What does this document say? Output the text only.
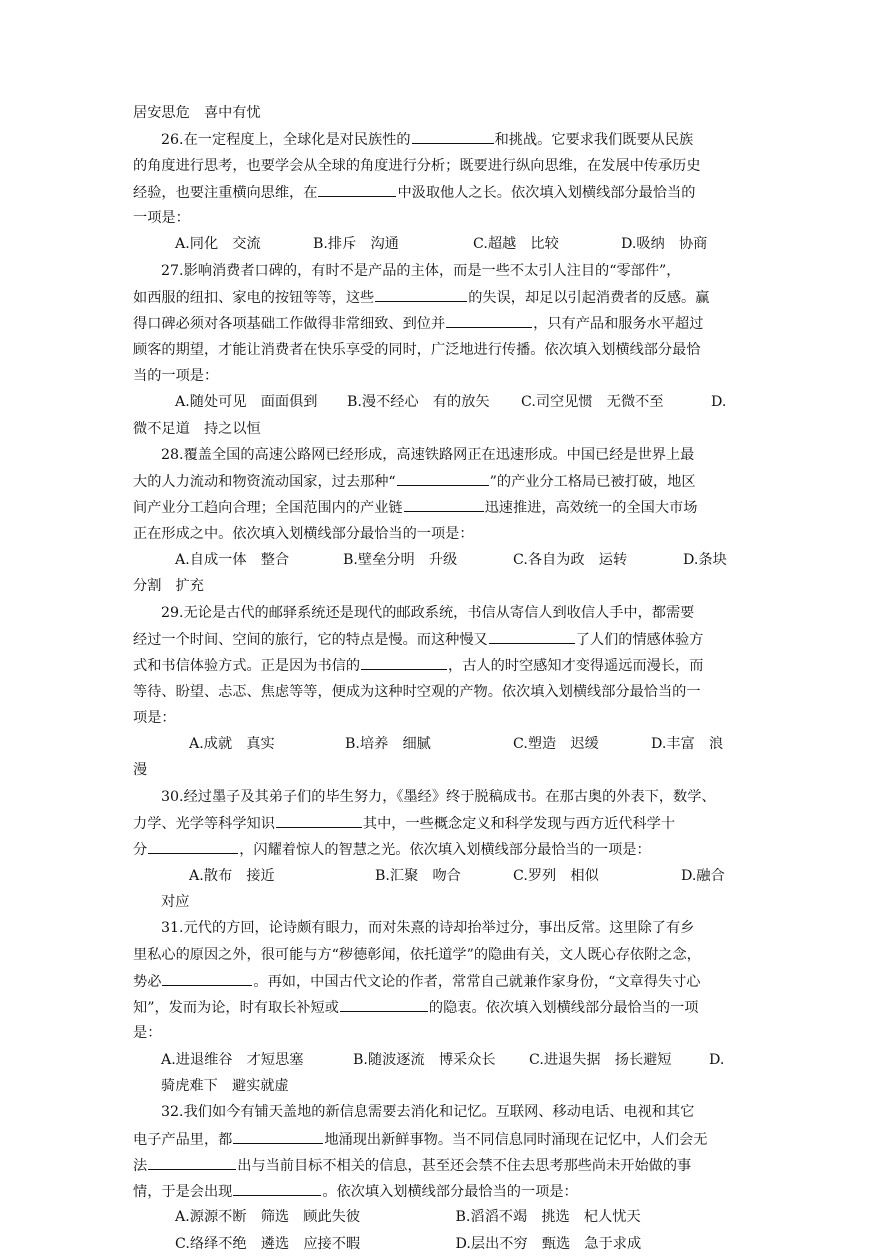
居安思危　喜中有忧
26.在一定程度上，全球化是对民族性的	和挑战。它要求我们既要从民族
的角度进行思考，也要学会从全球的角度进行分析；既要进行纵向思维，在发展中传承历史
经验，也要注重横向思维，在	中汲取他人之长。依次填入划横线部分最恰当的
一项是：
A.同化　交流	B.排斥　沟通	C.超越　比较	D.吸纳　协商
27.影响消费者口碑的，有时不是产品的主体，而是一些不太引人注目的“零部件”，
如西服的纽扣、家电的按钮等等，这些	的失误，却足以引起消费者的反感。赢
得口碑必须对各项基础工作做得非常细致、到位并	，只有产品和服务水平超过
顾客的期望，才能让消费者在快乐享受的同时，广泛地进行传播。依次填入划横线部分最恰
当的一项是：
A.随处可见　面面俱到 B.漫不经心　有的放矢 C.司空见惯　无微不至	D.
微不足道　持之以恒
28.覆盖全国的高速公路网已经形成，高速铁路网正在迅速形成。中国已经是世界上最
大的人力流动和物资流动国家，过去那种“	”的产业分工格局已被打破，地区
间产业分工趋向合理；全国范围内的产业链	迅速推进，高效统一的全国大市场
正在形成之中。依次填入划横线部分最恰当的一项是：
A.自成一体　整合	B.壁垒分明　升级	C.各自为政　运转	D.条块
分割　扩充
29.无论是古代的邮驿系统还是现代的邮政系统，书信从寄信人到收信人手中，都需要
经过一个时间、空间的旅行，它的特点是慢。而这种慢又	了人们的情感体验方
式和书信体验方式。正是因为书信的	，古人的时空感知才变得遥远而漫长，而
等待、盼望、忐忑、焦虑等等，便成为这种时空观的产物。依次填入划横线部分最恰当的一
项是：
A.成就　真实	B.培养　细腻	C.塑造　迟缓	D.丰富　浪
漫
30.经过墨子及其弟子们的毕生努力，《墨经》终于脱稿成书。在那古奥的外表下，数学、
力学、光学等科学知识	其中，一些概念定义和科学发现与西方近代科学十
分	，闪耀着惊人的智慧之光。依次填入划横线部分最恰当的一项是：
A.散布　接近	B.汇聚　吻合	C.罗列　相似	D.融合
对应
31.元代的方回，论诗颇有眼力，而对朱熹的诗却抬举过分，事出反常。这里除了有乡
里私心的原因之外，很可能与方“秽德彰闻，依托道学”的隐曲有关，文人既心存依附之念，
势必	。再如，中国古代文论的作者，常常自己就兼作家身份，“文章得失寸心
知”，发而为论，时有取长补短或	的隐衷。依次填入划横线部分最恰当的一项
是：
A.进退维谷　才短思塞	B.随波逐流　博采众长 C.进退失据　扬长避短	D.
骑虎难下　避实就虚
32.我们如今有铺天盖地的新信息需要去消化和记忆。互联网、移动电话、电视和其它
电子产品里，都	地涌现出新鲜事物。当不同信息同时涌现在记忆中，人们会无
法	出与当前目标不相关的信息，甚至还会禁不住去思考那些尚未开始做的事
情，于是会出现	。依次填入划横线部分最恰当的一项是：
A.源源不断　筛选　顾此失彼	B.滔滔不竭　挑选　杞人忧天
C.络绎不绝　遴选　应接不暇	D.层出不穷　甄选　急于求成
